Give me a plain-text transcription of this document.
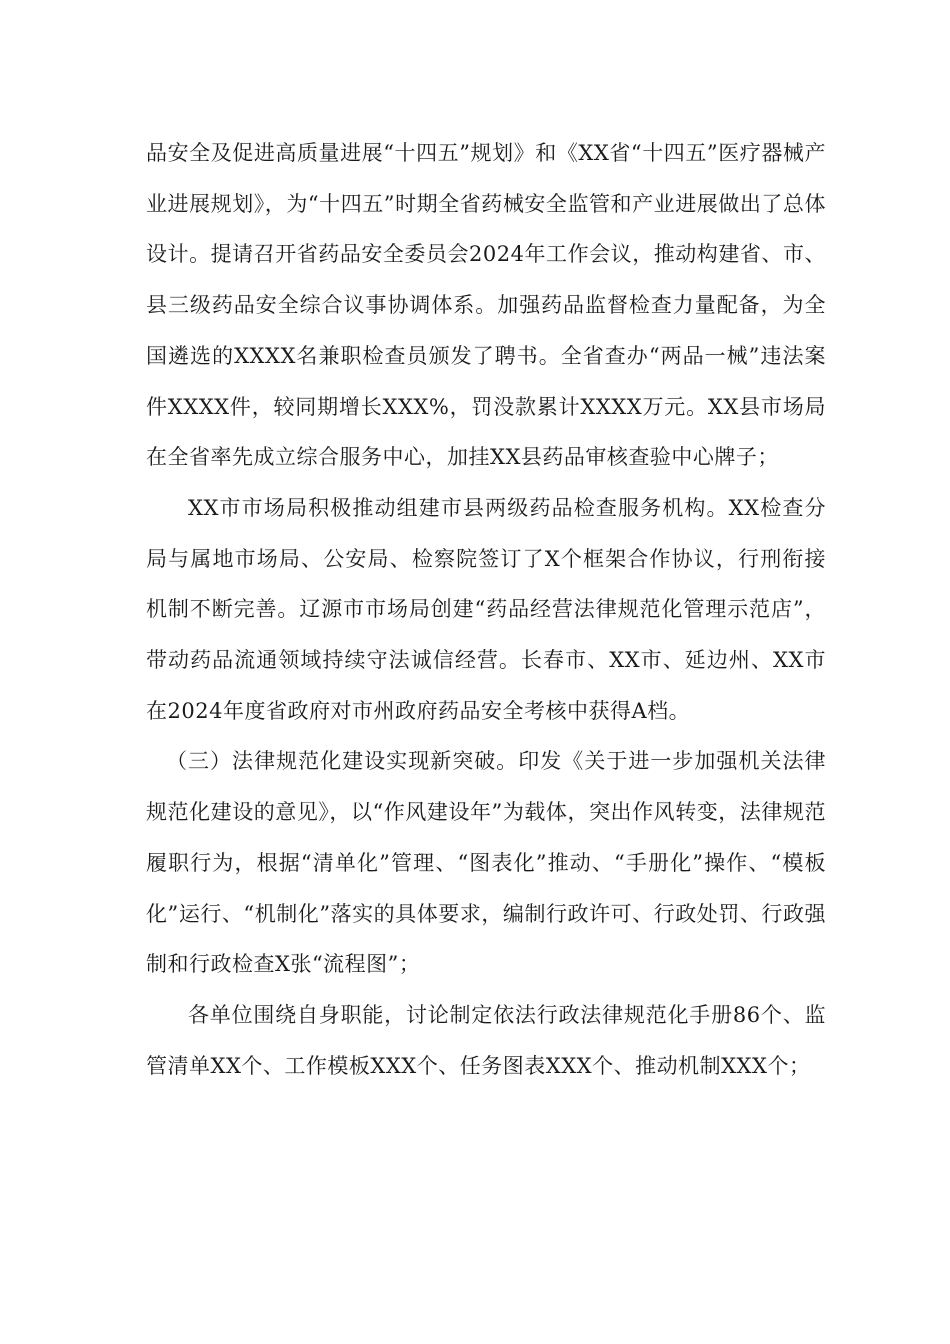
品安全及促进高质量进展“十四五”规划》和《XX省“十四五”医疗器械产业进展规划》，为“十四五”时期全省药械安全监管和产业进展做出了总体设计。提请召开省药品安全委员会2024年工作会议，推动构建省、市、县三级药品安全综合议事协调体系。加强药品监督检查力量配备，为全国遴选的XXXX名兼职检查员颁发了聘书。全省查办“两品一械”违法案件XXXX件，较同期增长XXX%，罚没款累计XXXX万元。XX县市场局在全省率先成立综合服务中心，加挂XX县药品审核查验中心牌子；

XX市市场局积极推动组建市县两级药品检查服务机构。XX检查分局与属地市场局、公安局、检察院签订了X个框架合作协议，行刑衔接机制不断完善。辽源市市场局创建“药品经营法律规范化管理示范店”，带动药品流通领域持续守法诚信经营。长春市、XX市、延边州、XX市在2024年度省政府对市州政府药品安全考核中获得A档。

（三）法律规范化建设实现新突破。印发《关于进一步加强机关法律规范化建设的意见》，以“作风建设年”为载体，突出作风转变，法律规范履职行为，根据“清单化”管理、“图表化”推动、“手册化”操作、“模板化”运行、“机制化”落实的具体要求，编制行政许可、行政处罚、行政强制和行政检查X张“流程图”；

各单位围绕自身职能，讨论制定依法行政法律规范化手册86个、监管清单XX个、工作模板XXX个、任务图表XXX个、推动机制XXX个；
